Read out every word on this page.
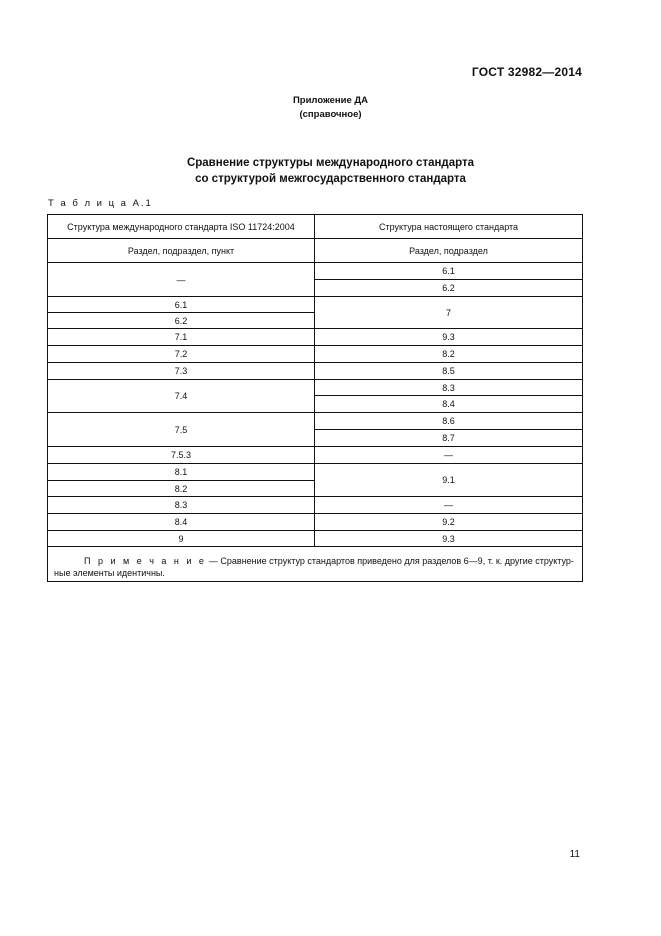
ГОСТ 32982—2014
Приложение ДА
(справочное)
Сравнение структуры международного стандарта
со структурой межгосударственного стандарта
Т а б л и ц а А.1
Структура международного стандарта ISO 11724:2004	Структура настоящего стандарта
Раздел, подраздел, пункт	Раздел, подраздел
—	6.1
	6.2
6.1	7
6.2	
7.1	9.3
7.2	8.2
7.3	8.5
7.4	8.3
	8.4
7.5	8.6
	8.7
7.5.3	—
8.1	9.1
8.2	
8.3	—
8.4	9.2
9	9.3

П р и м е ч а н и е — Сравнение структур стандартов приведено для разделов 6—9, т. к. другие структур-
ные элементы идентичны.	
11
